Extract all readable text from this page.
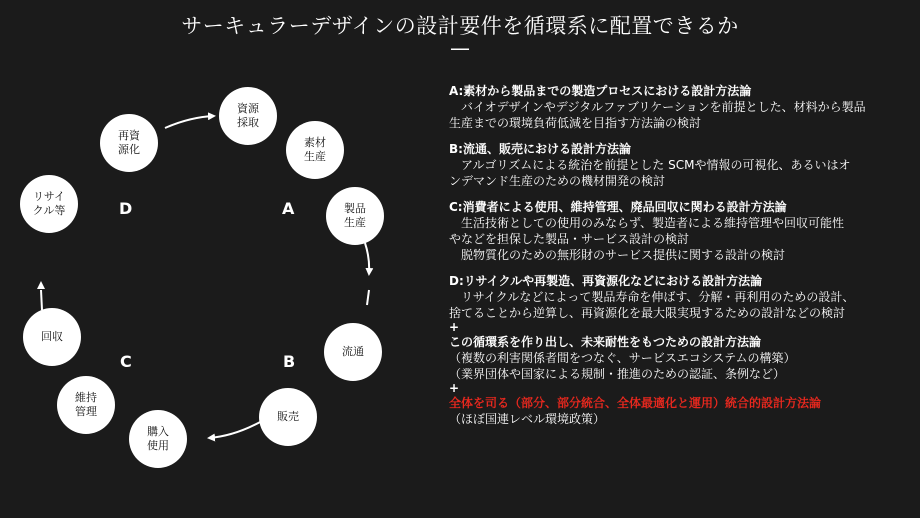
サーキュラーデザインの設計要件を循環系に配置できるか
—
資源
採取
素材
生産
製品
生産
流通
販売
購入
使用
維持
管理
回収
リサイ
クル等
再資
源化
A
B
C
D
A:素材から製品までの製造プロセスにおける設計方法論
　バイオデザインやデジタルファブリケーションを前提とした、材料から製品
生産までの環境負荷低減を目指す方法論の検討
B:流通、販売における設計方法論
　アルゴリズムによる統治を前提とした SCMや情報の可視化、あるいはオ
ンデマンド生産のための機材開発の検討
C:消費者による使用、維持管理、廃品回収に関わる設計方法論
　生活技術としての使用のみならず、製造者による維持管理や回収可能性
やなどを担保した製品・サービス設計の検討
　脱物質化のための無形財のサービス提供に関する設計の検討
D:リサイクルや再製造、再資源化などにおける設計方法論
　リサイクルなどによって製品寿命を伸ばす、分解・再利用のための設計、
捨てることから逆算し、再資源化を最大限実現するための設計などの検討
+
この循環系を作り出し、未来耐性をもつための設計方法論
（複数の利害関係者間をつなぐ、サービスエコシステムの構築）
（業界団体や国家による規制・推進のための認証、条例など）
+
全体を司る（部分、部分統合、全体最適化と運用）統合的設計方法論
（ほぼ国連レベル環境政策）
